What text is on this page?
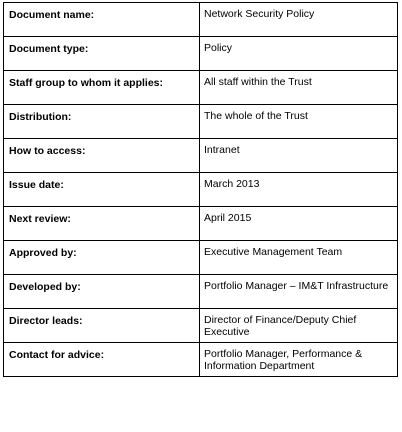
Document name:	Network Security Policy
Document type:	Policy
Staff group to whom it applies:	All staff within the Trust
Distribution:	The whole of the Trust
How to access:	Intranet
Issue date:	March 2013
Next review:	April 2015
Approved by:	Executive Management Team
Developed by:	Portfolio Manager – IM&T Infrastructure
Director leads:	Director of Finance/Deputy Chief Executive
Contact for advice:	Portfolio Manager, Performance & Information Department
